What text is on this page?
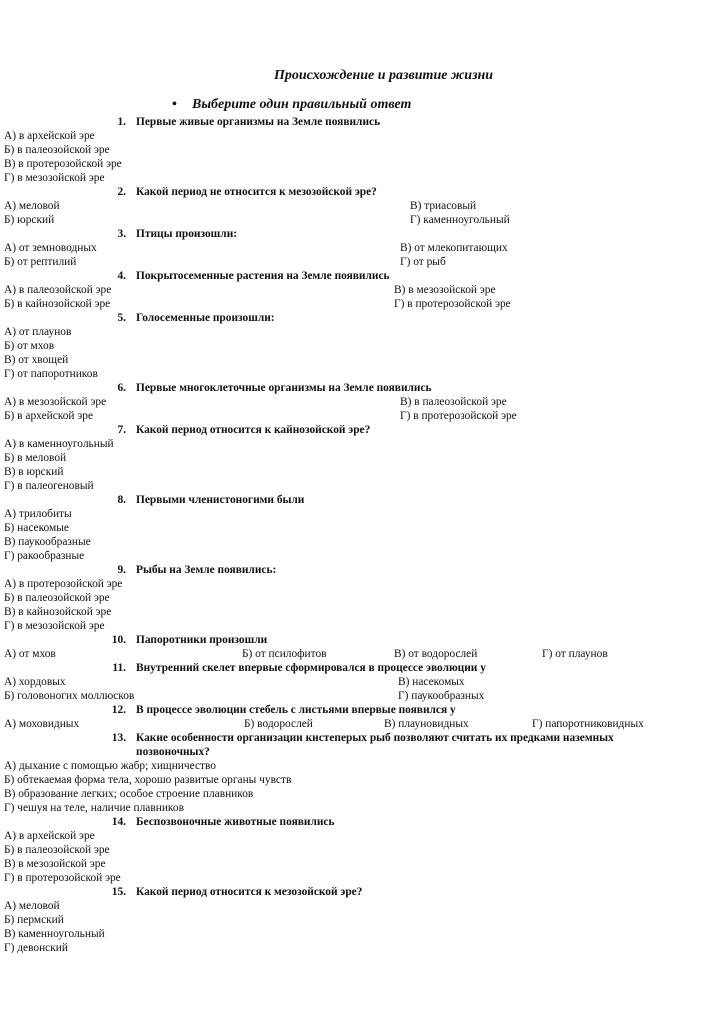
Происхождение и развитие жизни
• Выберите один правильный ответ
1. Первые живые организмы на Земле появились
А) в архейской эре
Б) в палеозойской эре
В) в протерозойской эре
Г) в мезозойской эре
2. Какой период не относится к мезозойской эре?
А) меловой	В) триасовый
Б) юрский	Г) каменноугольный
3. Птицы произошли:
А) от земноводных	В) от млекопитающих
Б) от рептилий	Г) от рыб
4. Покрытосеменные растения на Земле появились
А) в палеозойской эре	В) в мезозойской эре
Б) в кайнозойской эре	Г) в протерозойской эре
5. Голосеменные произошли:
А) от плаунов
Б) от мхов
В) от хвощей
Г) от папоротников
6. Первые многоклеточные организмы на Земле появились
А) в мезозойской эре	В) в палеозойской эре
Б) в архейской эре	Г) в протерозойской эре
7. Какой период относится к кайнозойской эре?
А) в каменноугольный
Б) в меловой
В) в юрский
Г) в палеогеновый
8. Первыми членистоногими были
А) трилобиты
Б) насекомые
В) паукообразные
Г) ракообразные
9. Рыбы на Земле появились:
А) в протерозойской эре
Б) в палеозойской эре
В) в кайнозойской эре
Г) в мезозойской эре
10. Папоротники произошли
А) от мхов	Б) от псилофитов	В) от водорослей	Г) от плаунов
11. Внутренний скелет впервые сформировался в процессе эволюции у
А) хордовых	В) насекомых
Б) головоногих моллюсков	Г) паукообразных
12. В процессе эволюции стебель с листьями впервые появился у
А) моховидных	Б) водорослей	В) плауновидных	Г) папоротниковидных
13. Какие особенности организации кистеперых рыб позволяют считать их предками наземных позвоночных?
А) дыхание с помощью жабр; хищничество
Б) обтекаемая форма тела, хорошо развитые органы чувств
В) образование легких; особое строение плавников
Г) чешуя на теле, наличие плавников
14. Беспозвоночные животные появились
А) в архейской эре
Б) в палеозойской эре
В) в мезозойской эре
Г) в протерозойской эре
15. Какой период относится к мезозойской эре?
А) меловой
Б) пермский
В) каменноугольный
Г) девонский
